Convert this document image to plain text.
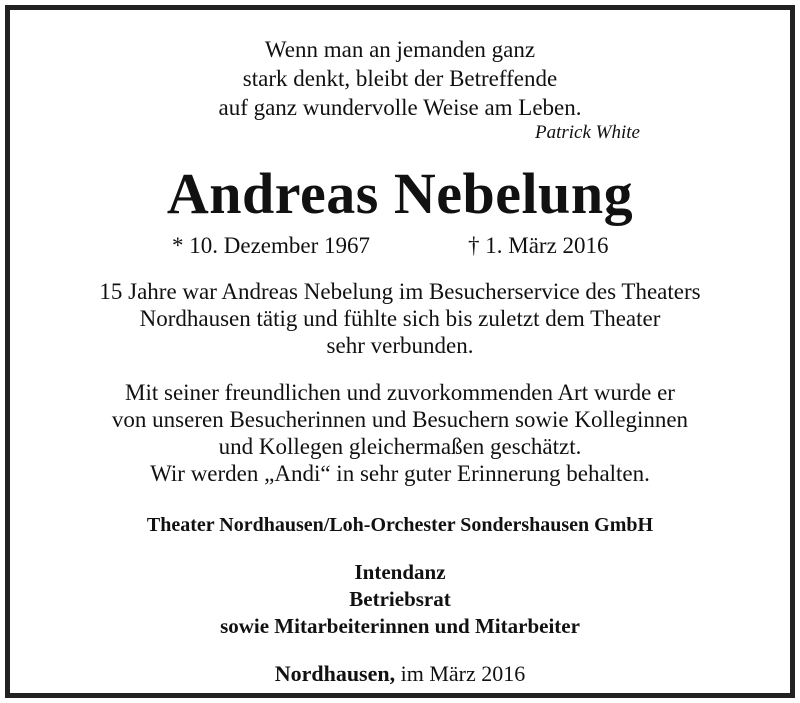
Wenn man an jemanden ganz
stark denkt, bleibt der Betreffende
auf ganz wundervolle Weise am Leben.
Patrick White
Andreas Nebelung
* 10. Dezember 1967	† 1. März 2016
15 Jahre war Andreas Nebelung im Besucherservice des Theaters
Nordhausen tätig und fühlte sich bis zuletzt dem Theater
sehr verbunden.
Mit seiner freundlichen und zuvorkommenden Art wurde er
von unseren Besucherinnen und Besuchern sowie Kolleginnen
und Kollegen gleichermaßen geschätzt.
Wir werden „Andi“ in sehr guter Erinnerung behalten.
Theater Nordhausen/Loh-Orchester Sondershausen GmbH
Intendanz
Betriebsrat
sowie Mitarbeiterinnen und Mitarbeiter
Nordhausen, im März 2016
